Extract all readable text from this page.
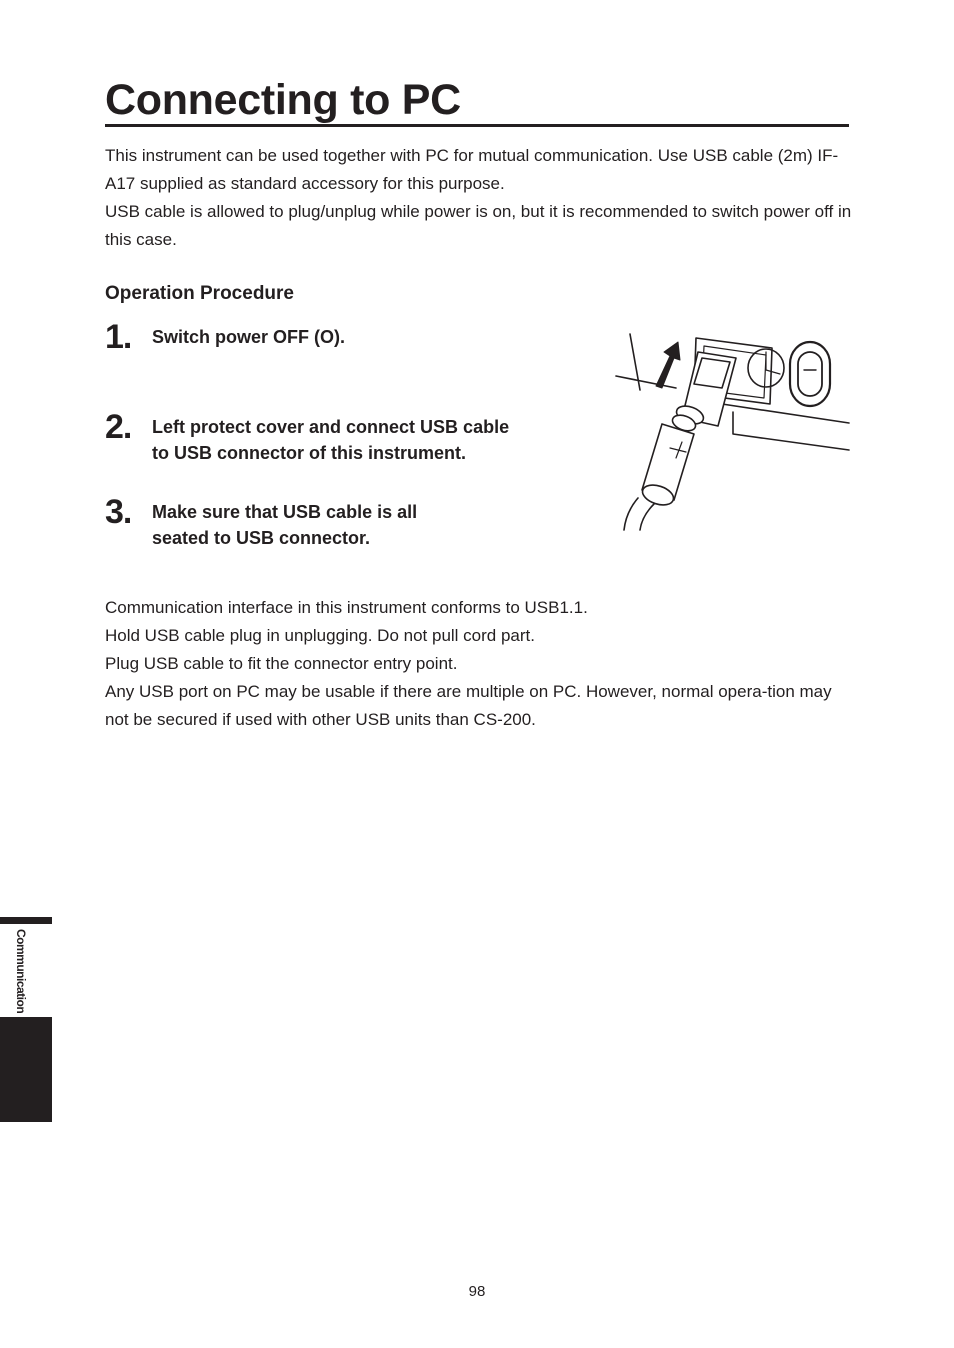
Connecting to PC

This instrument can be used together with PC for mutual communication. Use USB cable (2m) IF-A17 supplied as standard accessory for this purpose.

USB cable is allowed to plug/unplug while power is on, but it is recommended to switch power off in this case.

Operation Procedure
1. Switch power OFF (O).
2. Left protect cover and connect USB cable
to USB connector of this instrument.
3. Make sure that USB cable is all
seated to USB connector.

Communication interface in this instrument conforms to USB1.1.

Hold USB cable plug in unplugging. Do not pull cord part.

Plug USB cable to fit the connector entry point.

Any USB port on PC may be usable if there are multiple on PC. However, normal opera-tion may not be secured if used with other USB units than CS-200.

Communication
98
